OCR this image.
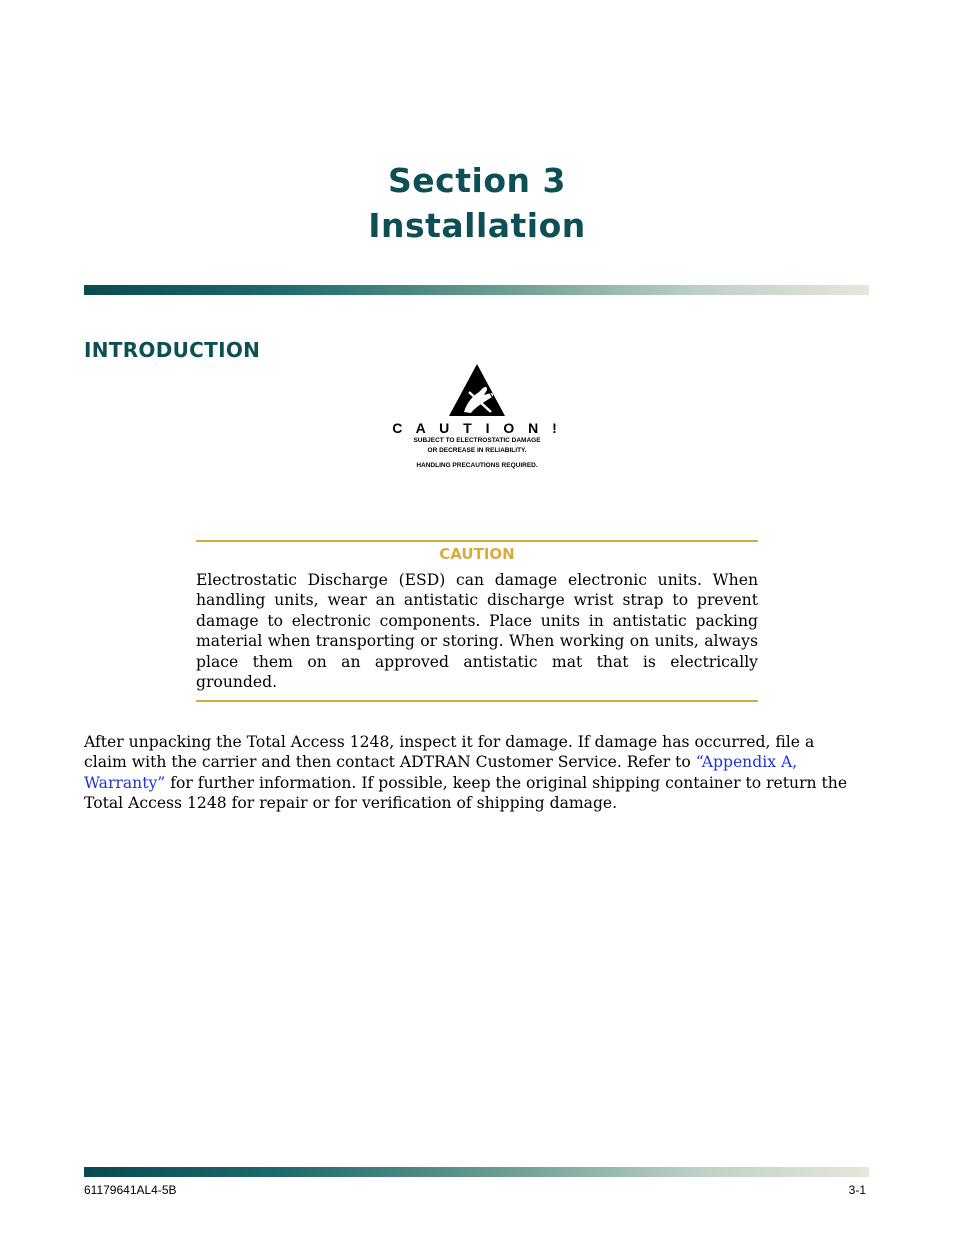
Section 3
Installation
INTRODUCTION
C A U T I O N !
SUBJECT TO ELECTROSTATIC DAMAGE
OR DECREASE IN RELIABILITY.
HANDLING PRECAUTIONS REQUIRED.
CAUTION
Electrostatic Discharge (ESD) can damage electronic units. When handling units, wear an antistatic discharge wrist strap to prevent damage to electronic components. Place units in antistatic packing material when transporting or storing. When working on units, always place them on an approved antistatic mat that is electrically grounded.
After unpacking the Total Access 1248, inspect it for damage. If damage has occurred, file a claim with the carrier and then contact ADTRAN Customer Service. Refer to “Appendix A, Warranty” for further information. If possible, keep the original shipping container to return the Total Access 1248 for repair or for verification of shipping damage.
61179641AL4-5B	3-1
